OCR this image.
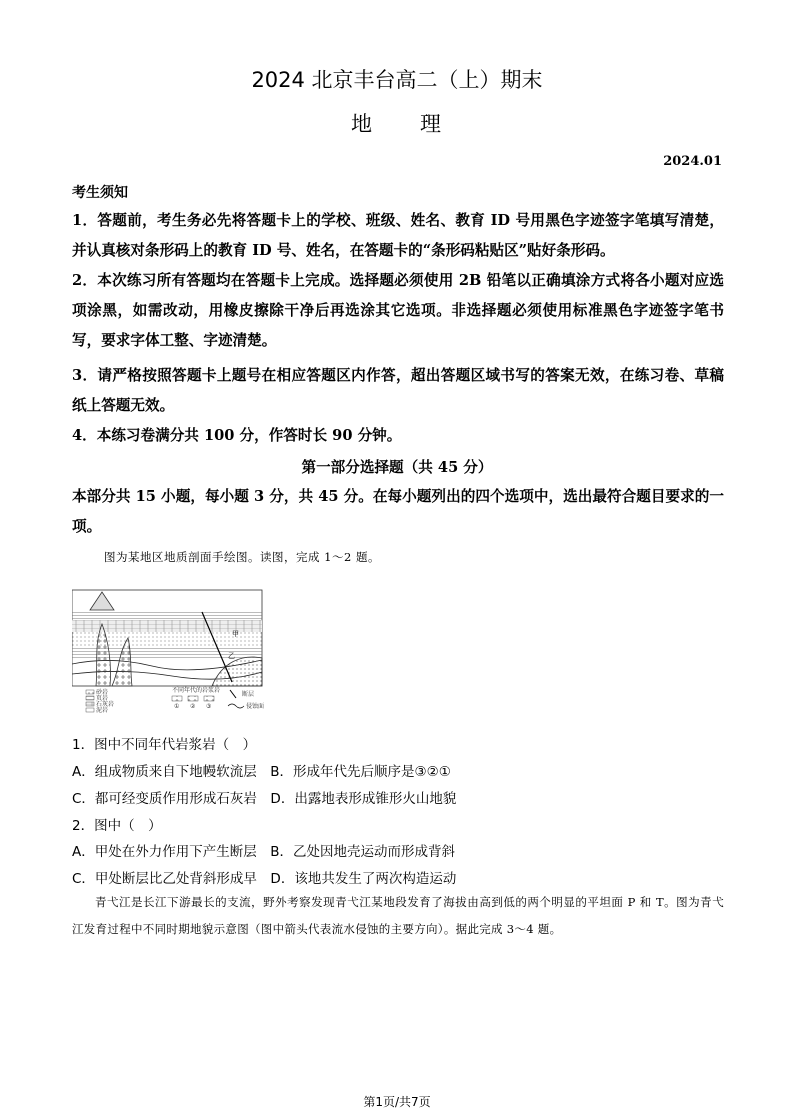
2024 北京丰台高二（上）期末
地　　理
2024.01
考生须知
1．答题前，考生务必先将答题卡上的学校、班级、姓名、教育 ID 号用黑色字迹签字笔填写清楚，并认真核对条形码上的教育 ID 号、姓名，在答题卡的“条形码粘贴区”贴好条形码。
2．本次练习所有答题均在答题卡上完成。选择题必须使用 2B 铅笔以正确填涂方式将各小题对应选项涂黑，如需改动，用橡皮擦除干净后再选涂其它选项。非选择题必须使用标准黑色字迹签字笔书写，要求字体工整、字迹清楚。
3．请严格按照答题卡上题号在相应答题区内作答，超出答题区域书写的答案无效，在练习卷、草稿纸上答题无效。
4．本练习卷满分共 100 分，作答时长 90 分钟。
第一部分选择题（共 45 分）
本部分共 15 小题，每小题 3 分，共 45 分。在每小题列出的四个选项中，选出最符合题目要求的一项。
图为某地区地质剖面手绘图。读图，完成 1～2 题。
甲
乙
砂岩
页岩
石灰岩
泥岩
不同年代的岩浆岩
① ② ③
断层
侵蚀面
1．图中不同年代岩浆岩（　）
A．组成物质来自下地幔软流层　B．形成年代先后顺序是③②①
C．都可经变质作用形成石灰岩　D．出露地表形成锥形火山地貌
2．图中（　）
A．甲处在外力作用下产生断层　B．乙处因地壳运动而形成背斜
C．甲处断层比乙处背斜形成早　D．该地共发生了两次构造运动
青弋江是长江下游最长的支流，野外考察发现青弋江某地段发育了海拔由高到低的两个明显的平坦面 P 和 T。图为青弋江发育过程中不同时期地貌示意图（图中箭头代表流水侵蚀的主要方向）。据此完成 3～4 题。
第1页/共7页
